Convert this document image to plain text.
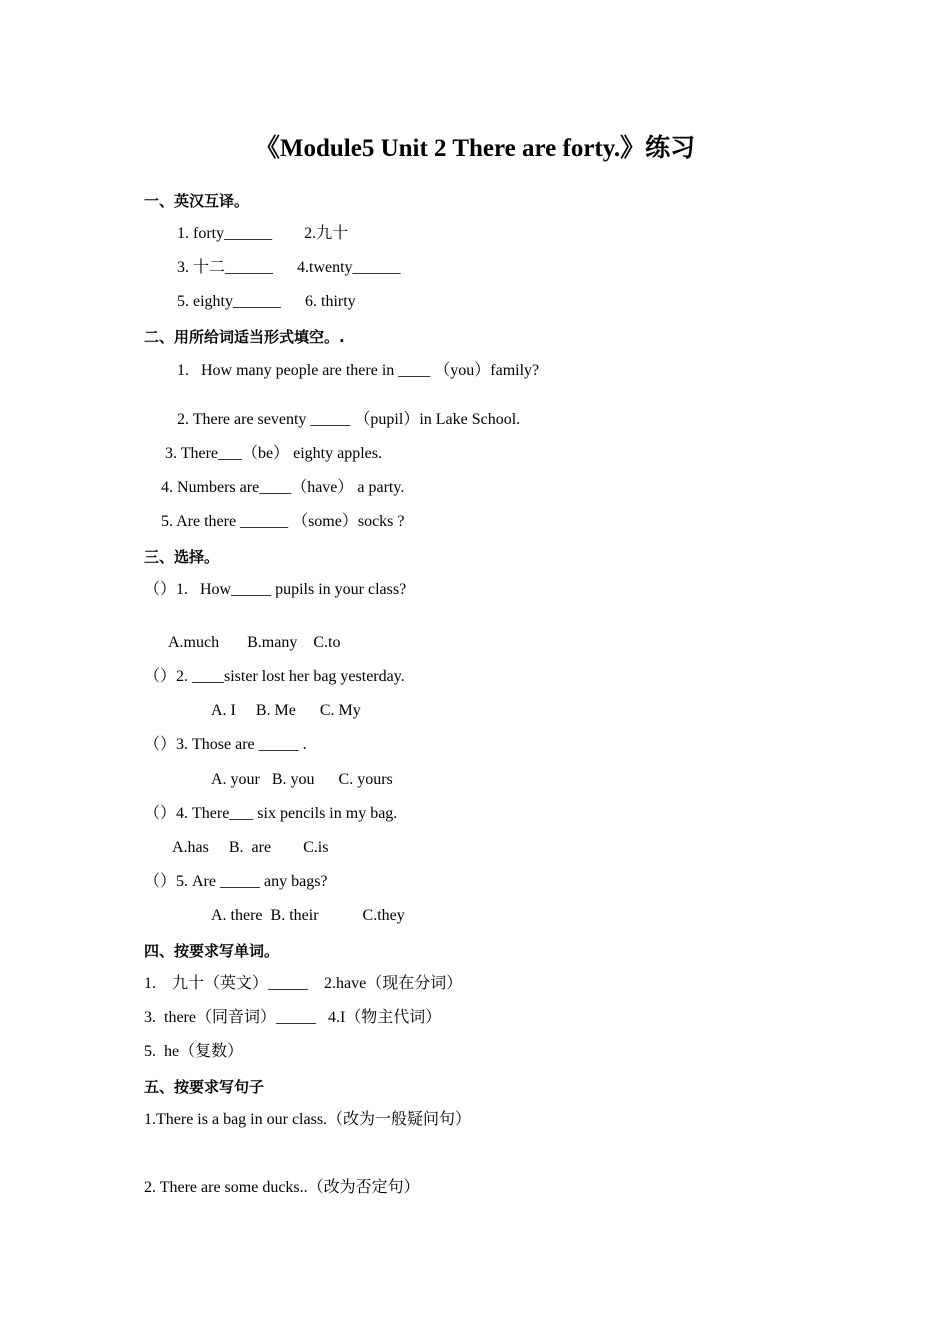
《Module5 Unit 2 There are forty.》练习
一、英汉互译。
1. forty______        2.九十
3. 十二______      4.twenty______
5. eighty______      6. thirty
二、用所给词适当形式填空。.
1.   How many people are there in ____ （you）family?
2. There are seventy _____ （pupil）in Lake School.
3. There___（be） eighty apples.
4. Numbers are____（have） a party.
5. Are there ______ （some）socks ?
三、选择。
（）1.   How_____ pupils in your class?
A.much       B.many    C.to
（）2. ____sister lost her bag yesterday.
A. I     B. Me      C. My
（）3. Those are _____ .
A. your   B. you      C. yours
（）4. There___ six pencils in my bag.
A.has     B.  are        C.is
（）5. Are _____ any bags?
A. there  B. their           C.they
四、按要求写单词。
1.    九十（英文）_____    2.have（现在分词）
3.  there（同音词）_____   4.I（物主代词）
5.  he（复数）
五、按要求写句子
1.There is a bag in our class.（改为一般疑问句）
2. There are some ducks..（改为否定句）
